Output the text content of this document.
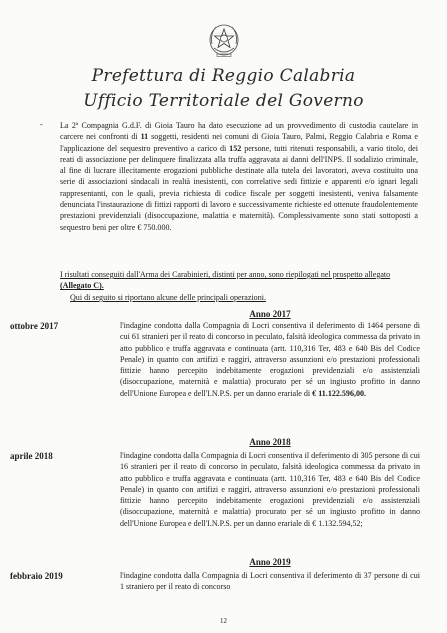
Prefettura di Reggio Calabria
Ufficio Territoriale del Governo
- La 2ª Compagnia G.d.F. di Gioia Tauro ha dato esecuzione ad un provvedimento di custodia cautelare in carcere nei confronti di 11 soggetti, residenti nei comuni di Gioia Tauro, Palmi, Reggio Calabria e Roma e l'applicazione del sequestro preventivo a carico di 152 persone, tutti ritenuti responsabili, a vario titolo, dei reati di associazione per delinquere finalizzata alla truffa aggravata ai danni dell'INPS. Il sodalizio criminale, al fine di lucrare illecitamente erogazioni pubbliche destinate alla tutela dei lavoratori, aveva costituito una serie di associazioni sindacali in realtà inesistenti, con correlative sedi fittizie e apparenti e/o ignari legali rappresentanti, con le quali, previa richiesta di codice fiscale per soggetti inesistenti, veniva falsamente denunciata l'instaurazione di fittizi rapporti di lavoro e successivamente richieste ed ottenute fraudolentemente prestazioni previdenziali (disoccupazione, malattia e maternità). Complessivamente sono stati sottoposti a sequestro beni per oltre € 750.000.

I risultati conseguiti dall'Arma dei Carabinieri, distinti per anno, sono riepilogati nel prospetto allegato (Allegato C).

Qui di seguito si riportano alcune delle principali operazioni.

Anno 2017
ottobre 2017	l'indagine condotta dalla Compagnia di Locri consentiva il deferimento di 1464 persone di cui 61 stranieri per il reato di concorso in peculato, falsità ideologica commessa da privato in atto pubblico e truffa aggravata e continuata (artt. 110,316 Ter, 483 e 640 Bis del Codice Penale) in quanto con artifizi e raggiri, attraverso assunzioni e/o prestazioni professionali fittizie hanno percepito indebitamente erogazioni previdenziali e/o assistenziali (disoccupazione, maternità e malattia) procurato per sé un ingiusto profitto in danno dell'Unione Europea e dell'I.N.P.S. per un danno erariale di € 11.122.596,00.

Anno 2018
aprile 2018	l'indagine condotta dalla Compagnia di Locri consentiva il deferimento di 305 persone di cui 16 stranieri per il reato di concorso in peculato, falsità ideologica commessa da privato in atto pubblico e truffa aggravata e continuata (artt. 110,316 Ter, 483 e 640 Bis del Codice Penale) in quanto con artifizi e raggiri, attraverso assunzioni e/o prestazioni professionali fittizie hanno percepito indebitamente erogazioni previdenziali e/o assistenziali (disoccupazione, maternità e malattia) procurato per sé un ingiusto profitto in danno dell'Unione Europea e dell'I.N.P.S. per un danno erariale di € 1.132.594,52;

Anno 2019
febbraio 2019	l'indagine condotta dalla Compagnia di Locri consentiva il deferimento di 37 persone di cui 1 straniero per il reato di concorso

12
